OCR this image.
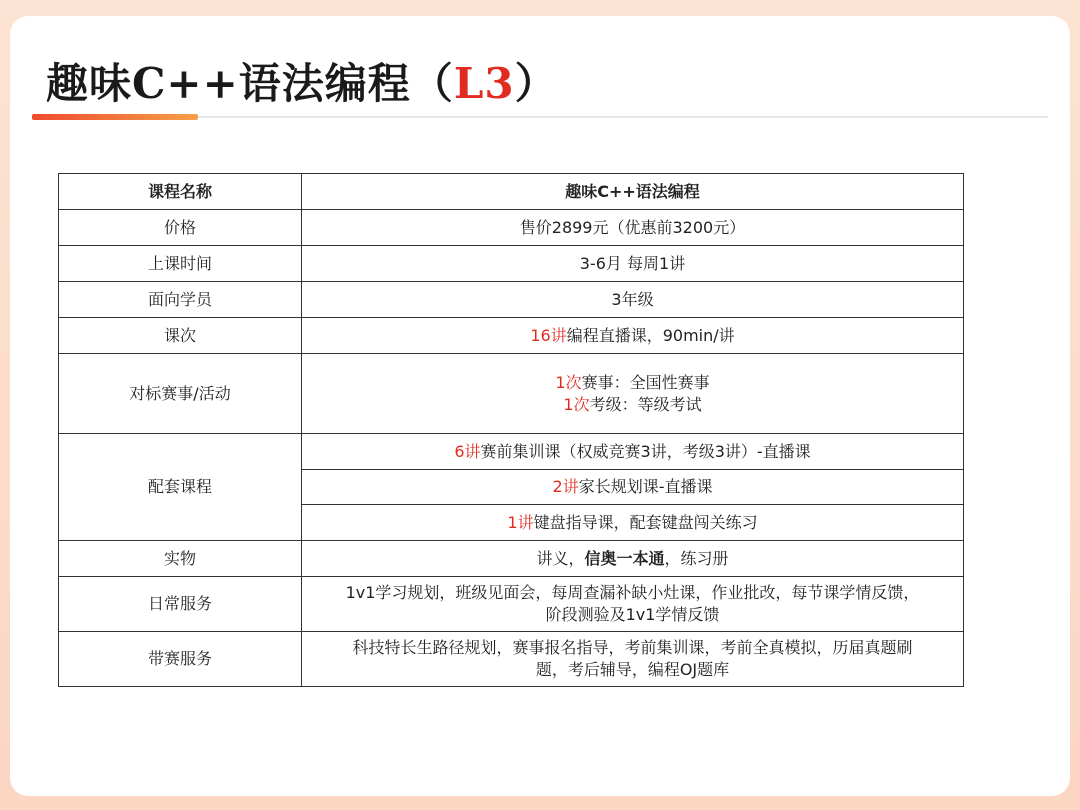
趣味C++语法编程（L3）
课程名称	趣味C++语法编程
价格	售价2899元（优惠前3200元）
上课时间	3-6月 每周1讲
面向学员	3年级
课次	16讲编程直播课，90min/讲
对标赛事/活动	1次赛事：全国性赛事
1次考级：等级考试

配套课程	6讲赛前集训课（权威竞赛3讲，考级3讲）-直播课
	2讲家长规划课-直播课
	1讲键盘指导课，配套键盘闯关练习
实物	讲义，信奥一本通，练习册
日常服务	1v1学习规划，班级见面会，每周查漏补缺小灶课，作业批改，每节课学情反馈，
阶段测验及1v1学情反馈

带赛服务	科技特长生路径规划，赛事报名指导，考前集训课，考前全真模拟，历届真题刷
题，考后辅导，编程OJ题库
